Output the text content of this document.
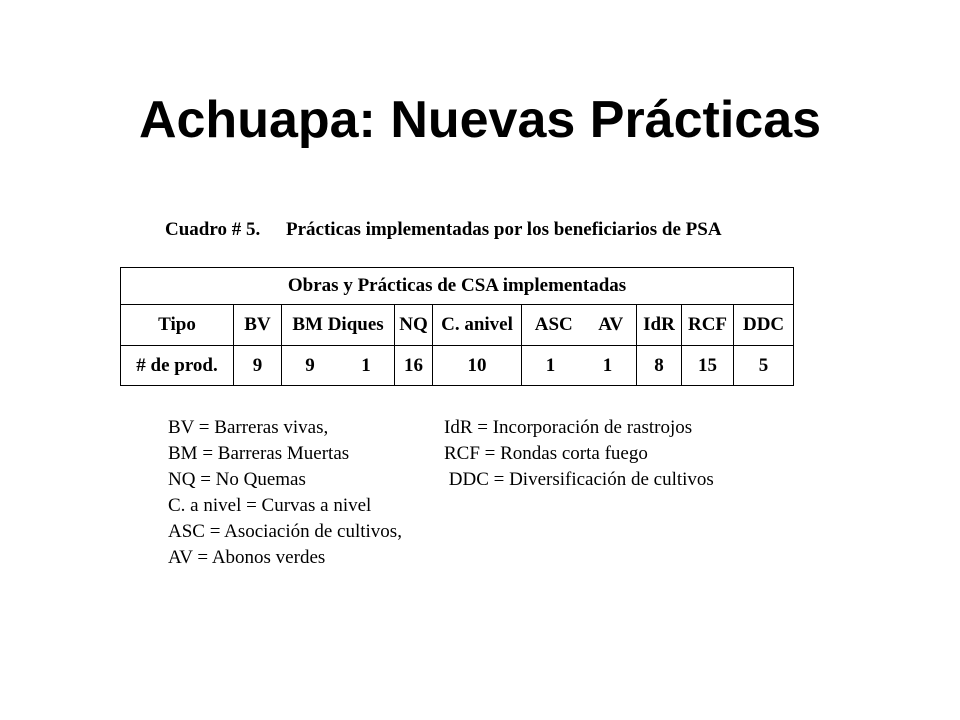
Achuapa: Nuevas Prácticas
Cuadro # 5. Prácticas implementadas por los beneficiarios de PSA
Obras y Prácticas de CSA implementadas								
Tipo	BV	BM Diques	NQ	C. anivel	ASC AV	IdR	RCF	DDC
# de prod.	9	9 1	16	10	1 1	8	15	5
BV = Barreras vivas,
BM = Barreras Muertas
NQ = No Quemas
C. a nivel = Curvas a nivel
ASC = Asociación de cultivos,
AV = Abonos verdes
IdR = Incorporación de rastrojos
RCF = Rondas corta fuego
DDC = Diversificación de cultivos
